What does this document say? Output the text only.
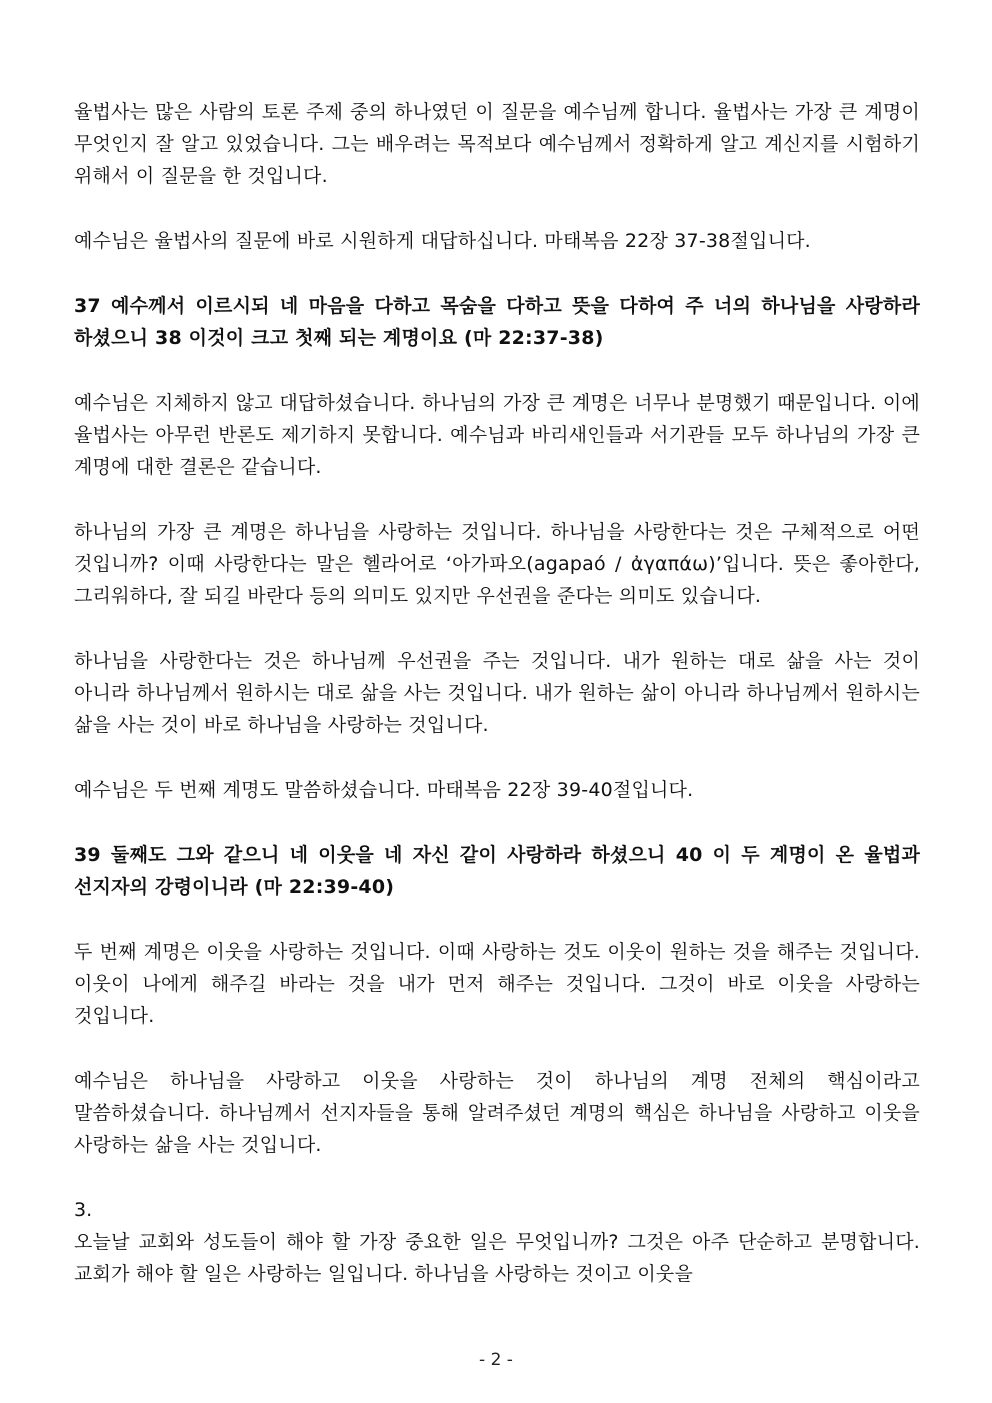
율법사는 많은 사람의 토론 주제 중의 하나였던 이 질문을 예수님께 합니다. 율법사는 가장 큰 계명이 무엇인지 잘 알고 있었습니다. 그는 배우려는 목적보다 예수님께서 정확하게 알고 계신지를 시험하기 위해서 이 질문을 한 것입니다.

예수님은 율법사의 질문에 바로 시원하게 대답하십니다. 마태복음 22장 37-38절입니다.

37 예수께서 이르시되 네 마음을 다하고 목숨을 다하고 뜻을 다하여 주 너의 하나님을 사랑하라 하셨으니 38 이것이 크고 첫째 되는 계명이요 (마 22:37-38)

예수님은 지체하지 않고 대답하셨습니다. 하나님의 가장 큰 계명은 너무나 분명했기 때문입니다. 이에 율법사는 아무런 반론도 제기하지 못합니다. 예수님과 바리새인들과 서기관들 모두 하나님의 가장 큰 계명에 대한 결론은 같습니다.

하나님의 가장 큰 계명은 하나님을 사랑하는 것입니다. 하나님을 사랑한다는 것은 구체적으로 어떤 것입니까? 이때 사랑한다는 말은 헬라어로 ‘아가파오(agapaó / ἀγαπάω)’입니다. 뜻은 좋아한다, 그리워하다, 잘 되길 바란다 등의 의미도 있지만 우선권을 준다는 의미도 있습니다.

하나님을 사랑한다는 것은 하나님께 우선권을 주는 것입니다. 내가 원하는 대로 삶을 사는 것이 아니라 하나님께서 원하시는 대로 삶을 사는 것입니다. 내가 원하는 삶이 아니라 하나님께서 원하시는 삶을 사는 것이 바로 하나님을 사랑하는 것입니다.

예수님은 두 번째 계명도 말씀하셨습니다. 마태복음 22장 39-40절입니다.

39 둘째도 그와 같으니 네 이웃을 네 자신 같이 사랑하라 하셨으니 40 이 두 계명이 온 율법과 선지자의 강령이니라 (마 22:39-40)

두 번째 계명은 이웃을 사랑하는 것입니다. 이때 사랑하는 것도 이웃이 원하는 것을 해주는 것입니다. 이웃이 나에게 해주길 바라는 것을 내가 먼저 해주는 것입니다. 그것이 바로 이웃을 사랑하는 것입니다.

예수님은 하나님을 사랑하고 이웃을 사랑하는 것이 하나님의 계명 전체의 핵심이라고 말씀하셨습니다. 하나님께서 선지자들을 통해 알려주셨던 계명의 핵심은 하나님을 사랑하고 이웃을 사랑하는 삶을 사는 것입니다.

3.

오늘날 교회와 성도들이 해야 할 가장 중요한 일은 무엇입니까? 그것은 아주 단순하고 분명합니다. 교회가 해야 할 일은 사랑하는 일입니다. 하나님을 사랑하는 것이고 이웃을

- 2 -
